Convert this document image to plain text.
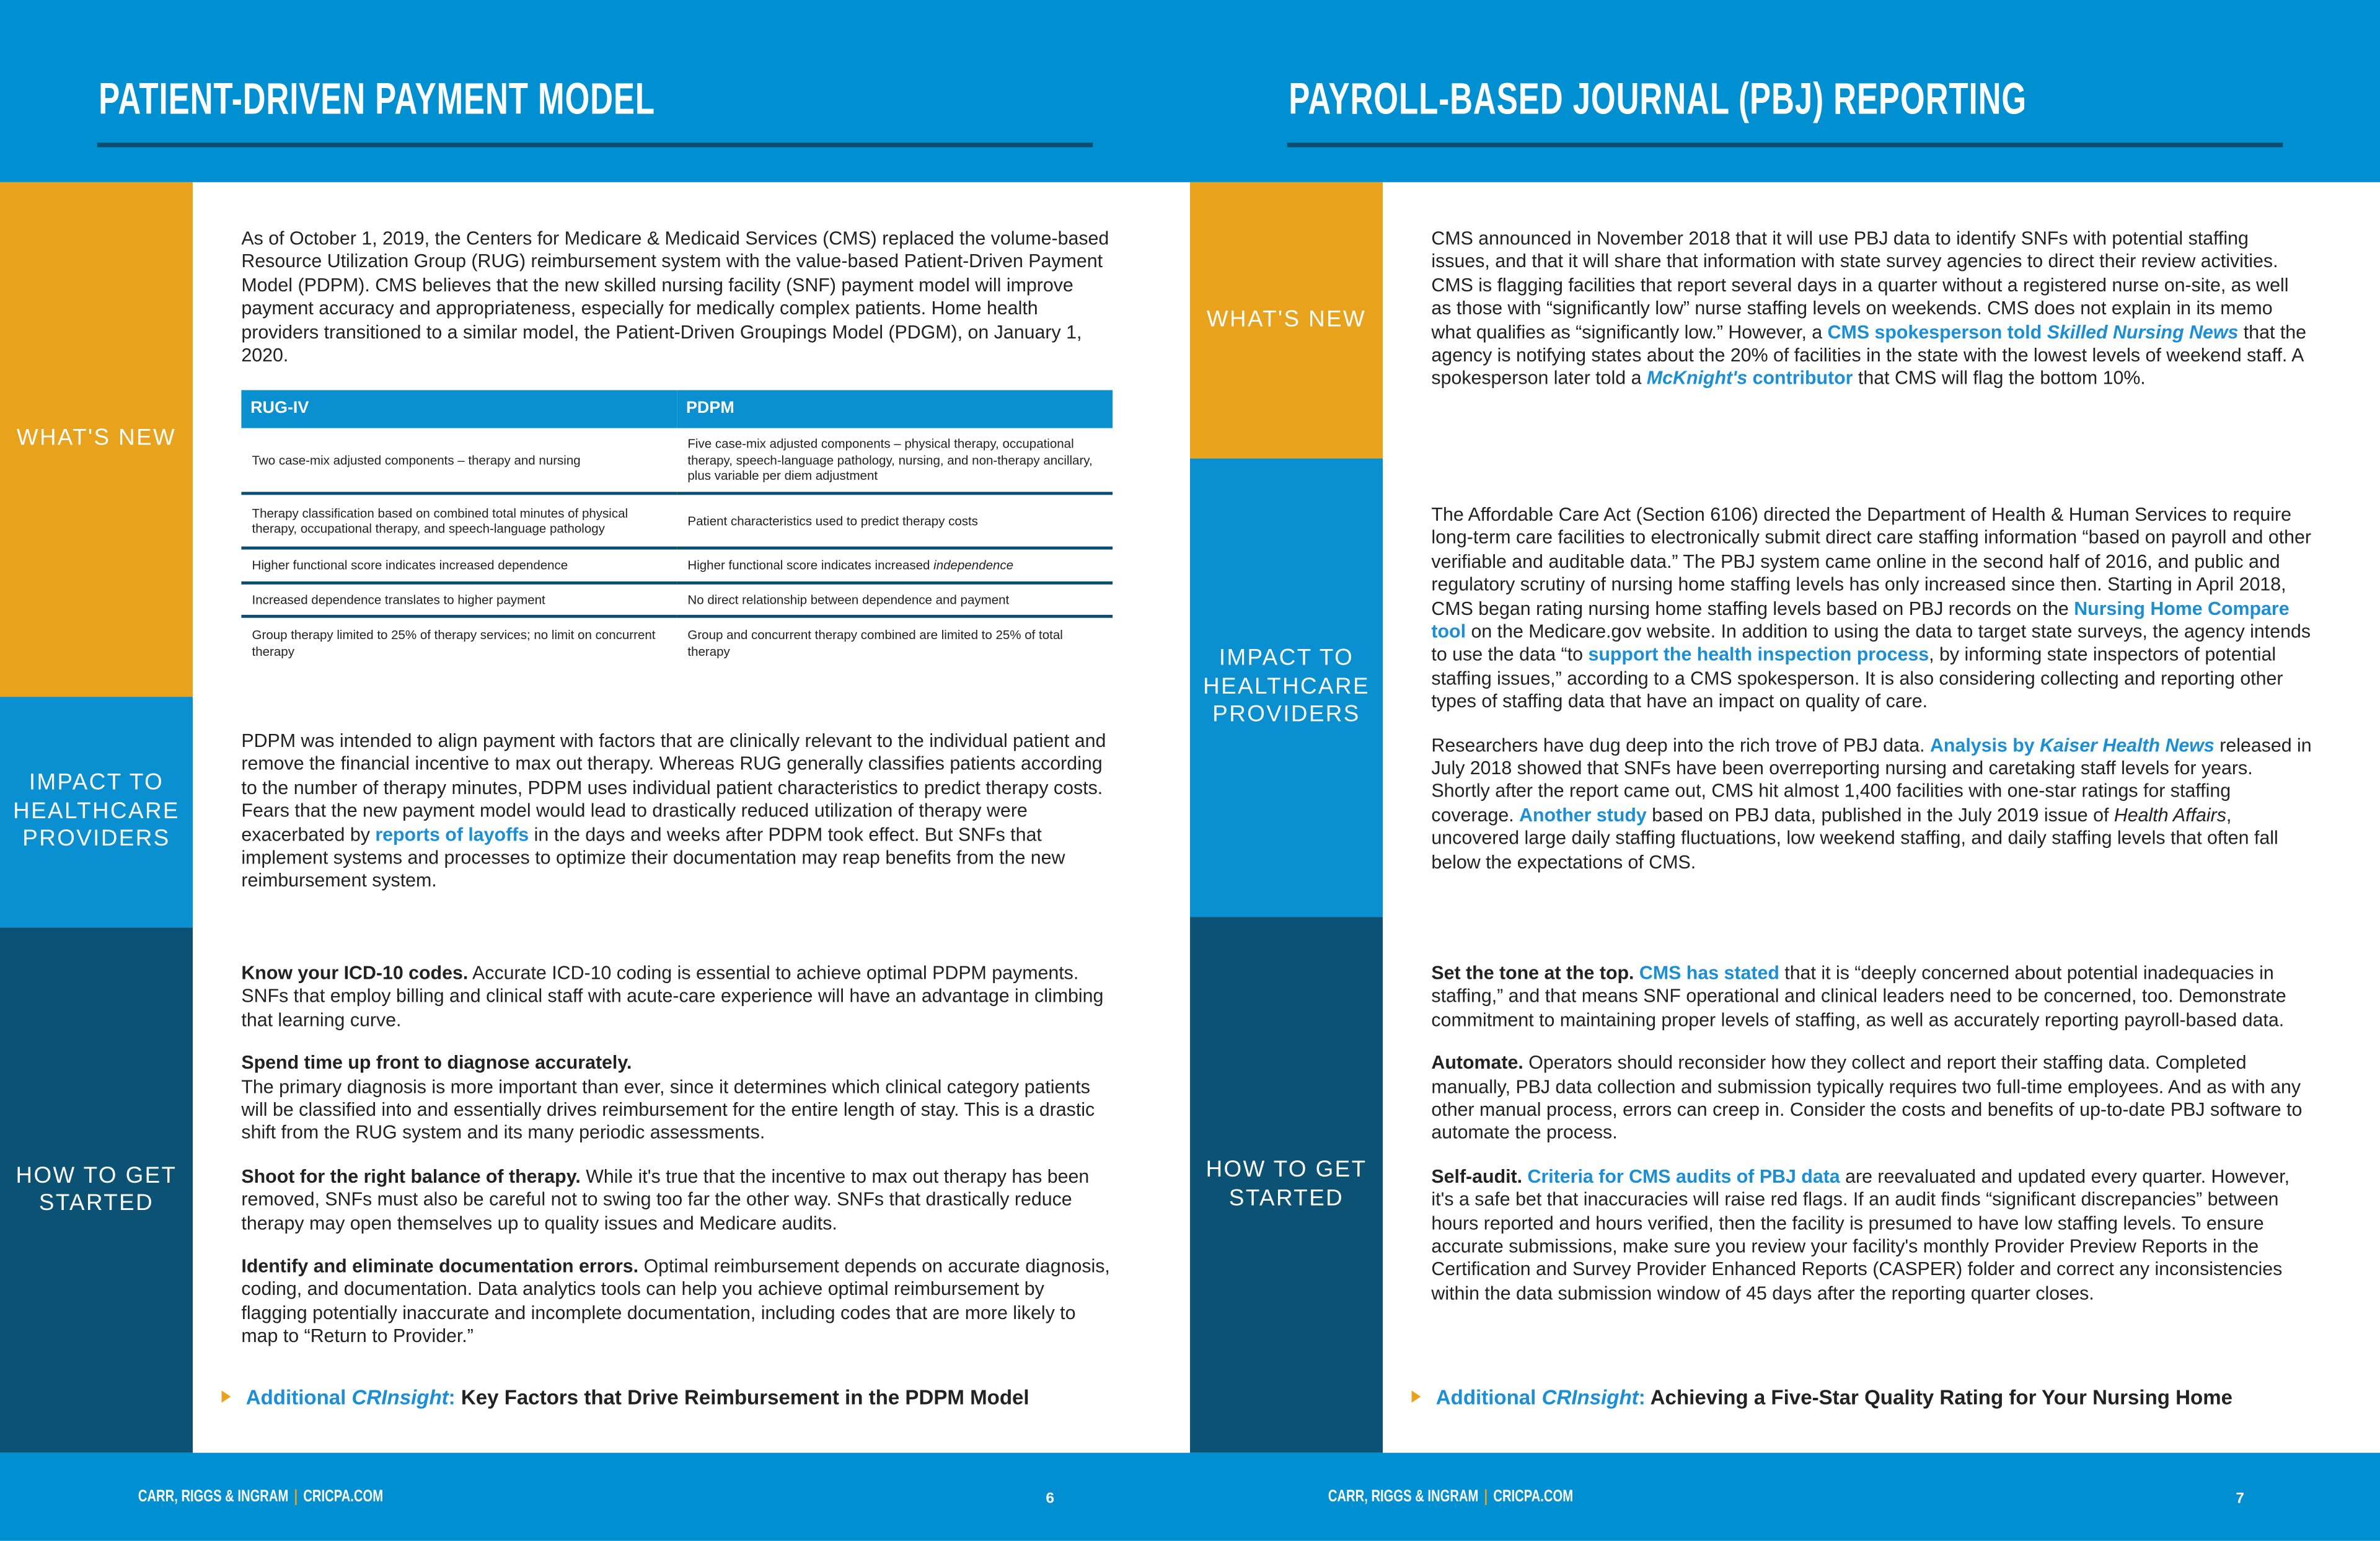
PATIENT-DRIVEN PAYMENT MODEL	PAYROLL-BASED JOURNAL (PBJ) REPORTING
WHAT'S NEW
IMPACT TO HEALTHCARE PROVIDERS
HOW TO GET STARTED
WHAT'S NEW
IMPACT TO HEALTHCARE PROVIDERS
HOW TO GET STARTED

As of October 1, 2019, the Centers for Medicare & Medicaid Services (CMS) replaced the volume-based Resource Utilization Group (RUG) reimbursement system with the value-based Patient-Driven Payment Model (PDPM). CMS believes that the new skilled nursing facility (SNF) payment model will improve payment accuracy and appropriateness, especially for medically complex patients. Home health providers transitioned to a similar model, the Patient-Driven Groupings Model (PDGM), on January 1, 2020.

RUG-IV	PDPM
Two case-mix adjusted components – therapy and nursing	Five case-mix adjusted components – physical therapy, occupational therapy, speech-language pathology, nursing, and non-therapy ancillary, plus variable per diem adjustment
Therapy classification based on combined total minutes of physical therapy, occupational therapy, and speech-language pathology	Patient characteristics used to predict therapy costs
Higher functional score indicates increased dependence	Higher functional score indicates increased independence
Increased dependence translates to higher payment	No direct relationship between dependence and payment
Group therapy limited to 25% of therapy services; no limit on concurrent therapy	Group and concurrent therapy combined are limited to 25% of total therapy

PDPM was intended to align payment with factors that are clinically relevant to the individual patient and remove the financial incentive to max out therapy. Whereas RUG generally classifies patients according to the number of therapy minutes, PDPM uses individual patient characteristics to predict therapy costs. Fears that the new payment model would lead to drastically reduced utilization of therapy were exacerbated by reports of layoffs in the days and weeks after PDPM took effect. But SNFs that implement systems and processes to optimize their documentation may reap benefits from the new reimbursement system.

Know your ICD-10 codes. Accurate ICD-10 coding is essential to achieve optimal PDPM payments. SNFs that employ billing and clinical staff with acute-care experience will have an advantage in climbing that learning curve.

Spend time up front to diagnose accurately.
The primary diagnosis is more important than ever, since it determines which clinical category patients will be classified into and essentially drives reimbursement for the entire length of stay. This is a drastic shift from the RUG system and its many periodic assessments.

Shoot for the right balance of therapy. While it's true that the incentive to max out therapy has been removed, SNFs must also be careful not to swing too far the other way. SNFs that drastically reduce therapy may open themselves up to quality issues and Medicare audits.

Identify and eliminate documentation errors. Optimal reimbursement depends on accurate diagnosis, coding, and documentation. Data analytics tools can help you achieve optimal reimbursement by flagging potentially inaccurate and incomplete documentation, including codes that are more likely to map to “Return to Provider.”

Additional CRInsight: Key Factors that Drive Reimbursement in the PDPM Model

CMS announced in November 2018 that it will use PBJ data to identify SNFs with potential staffing issues, and that it will share that information with state survey agencies to direct their review activities. CMS is flagging facilities that report several days in a quarter without a registered nurse on-site, as well as those with “significantly low” nurse staffing levels on weekends. CMS does not explain in its memo what qualifies as “significantly low.” However, a CMS spokesperson told Skilled Nursing News that the agency is notifying states about the 20% of facilities in the state with the lowest levels of weekend staff. A spokesperson later told a McKnight's contributor that CMS will flag the bottom 10%.

The Affordable Care Act (Section 6106) directed the Department of Health & Human Services to require long-term care facilities to electronically submit direct care staffing information “based on payroll and other verifiable and auditable data.” The PBJ system came online in the second half of 2016, and public and regulatory scrutiny of nursing home staffing levels has only increased since then. Starting in April 2018, CMS began rating nursing home staffing levels based on PBJ records on the Nursing Home Compare tool on the Medicare.gov website. In addition to using the data to target state surveys, the agency intends to use the data “to support the health inspection process, by informing state inspectors of potential staffing issues,” according to a CMS spokesperson. It is also considering collecting and reporting other types of staffing data that have an impact on quality of care.

Researchers have dug deep into the rich trove of PBJ data. Analysis by Kaiser Health News released in July 2018 showed that SNFs have been overreporting nursing and caretaking staff levels for years. Shortly after the report came out, CMS hit almost 1,400 facilities with one-star ratings for staffing coverage. Another study based on PBJ data, published in the July 2019 issue of Health Affairs, uncovered large daily staffing fluctuations, low weekend staffing, and daily staffing levels that often fall below the expectations of CMS.

Set the tone at the top. CMS has stated that it is “deeply concerned about potential inadequacies in staffing,” and that means SNF operational and clinical leaders need to be concerned, too. Demonstrate commitment to maintaining proper levels of staffing, as well as accurately reporting payroll-based data.

Automate. Operators should reconsider how they collect and report their staffing data. Completed manually, PBJ data collection and submission typically requires two full-time employees. And as with any other manual process, errors can creep in. Consider the costs and benefits of up-to-date PBJ software to automate the process.

Self-audit. Criteria for CMS audits of PBJ data are reevaluated and updated every quarter. However, it's a safe bet that inaccuracies will raise red flags. If an audit finds “significant discrepancies” between hours reported and hours verified, then the facility is presumed to have low staffing levels. To ensure accurate submissions, make sure you review your facility's monthly Provider Preview Reports in the Certification and Survey Provider Enhanced Reports (CASPER) folder and correct any inconsistencies within the data submission window of 45 days after the reporting quarter closes.

Additional CRInsight: Achieving a Five-Star Quality Rating for Your Nursing Home
CARR, RIGGS & INGRAM | CRICPA.COM	6	CARR, RIGGS & INGRAM | CRICPA.COM	7
